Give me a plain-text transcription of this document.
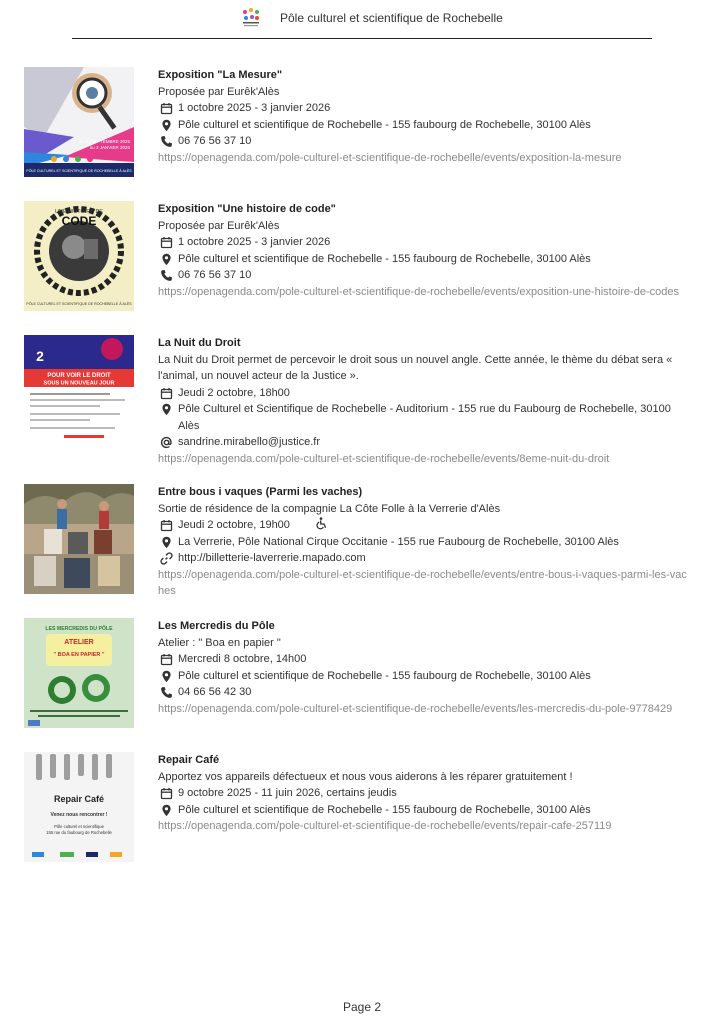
Pôle culturel et scientifique de Rochebelle
du 26 SEPTEMBRE 2025
au 3 JANVIER 2026
PÔLE CULTUREL ET SCIENTIFIQUE DE ROCHEBELLE À ALÈS
Exposition "La Mesure"
Proposée par Eurêk'Alès
1 octobre 2025 - 3 janvier 2026
Pôle culturel et scientifique de Rochebelle - 155 faubourg de Rochebelle, 30100 Alès
06 76 56 37 10
https://openagenda.com/pole-culturel-et-scientifique-de-rochebelle/events/exposition-la-mesure
UNE HISTOIRE DE
CODE
PÔLE CULTUREL ET SCIENTIFIQUE DE ROCHEBELLE À ALÈS
Exposition "Une histoire de code"
Proposée par Eurêk'Alès
1 octobre 2025 - 3 janvier 2026
Pôle culturel et scientifique de Rochebelle - 155 faubourg de Rochebelle, 30100 Alès
06 76 56 37 10
https://openagenda.com/pole-culturel-et-scientifique-de-rochebelle/events/exposition-une-histoire-de-codes
2
POUR VOIR LE DROIT
SOUS UN NOUVEAU JOUR
La Nuit du Droit
La Nuit du Droit permet de percevoir le droit sous un nouvel angle. Cette année, le thème du débat sera « l'animal, un nouvel acteur de la Justice ».
Jeudi 2 octobre, 18h00
Pôle Culturel et Scientifique de Rochebelle - Auditorium - 155 rue du Faubourg de Rochebelle, 30100 Alès
sandrine.mirabello@justice.fr
https://openagenda.com/pole-culturel-et-scientifique-de-rochebelle/events/8eme-nuit-du-droit
Entre bous i vaques (Parmi les vaches)
Sortie de résidence de la compagnie La Côte Folle à la Verrerie d'Alès
Jeudi 2 octobre, 19h00
La Verrerie, Pôle National Cirque Occitanie - 155 rue Faubourg de Rochebelle, 30100 Alès
http://billetterie-laverrerie.mapado.com
https://openagenda.com/pole-culturel-et-scientifique-de-rochebelle/events/entre-bous-i-vaques-parmi-les-vaches
LES MERCREDIS DU PÔLE
ATELIER
" BOA EN PAPIER "
Les Mercredis du Pôle
Atelier : " Boa en papier "
Mercredi 8 octobre, 14h00
Pôle culturel et scientifique de Rochebelle - 155 faubourg de Rochebelle, 30100 Alès
04 66 56 42 30
https://openagenda.com/pole-culturel-et-scientifique-de-rochebelle/events/les-mercredis-du-pole-9778429
Repair Café
Venez nous rencontrer !
Pôle culturel et scientifique
155 rue du faubourg de Rochebelle
Repair Café
Apportez vos appareils défectueux et nous vous aiderons à les réparer gratuitement !
9 octobre 2025 - 11 juin 2026, certains jeudis
Pôle culturel et scientifique de Rochebelle - 155 faubourg de Rochebelle, 30100 Alès
https://openagenda.com/pole-culturel-et-scientifique-de-rochebelle/events/repair-cafe-257119
Page 2
